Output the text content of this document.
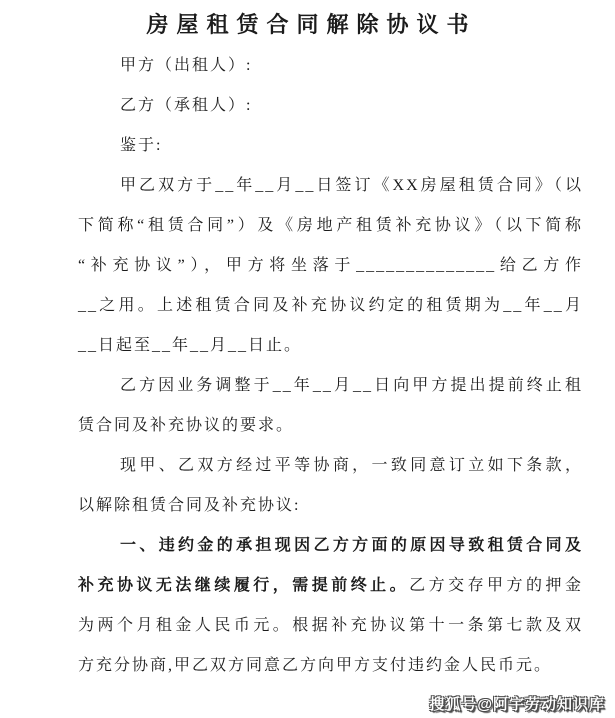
房屋租赁合同解除协议书
甲方（出租人）:
乙方（承租人）:
鉴于:
甲乙双方于__年__月__日签订《XX房屋租赁合同》（以
下简称“租赁合同”）及《房地产租赁补充协议》（以下简称
“补充协议”），甲方将坐落于______________给乙方作
__之用。上述租赁合同及补充协议约定的租赁期为__年__月
__日起至__年__月__日止。
乙方因业务调整于__年__月__日向甲方提出提前终止租
赁合同及补充协议的要求。
现甲、乙双方经过平等协商，一致同意订立如下条款，
以解除租赁合同及补充协议:
一、违约金的承担现因乙方方面的原因导致租赁合同及
补充协议无法继续履行，需提前终止。乙方交存甲方的押金
为两个月租金人民币元。根据补充协议第十一条第七款及双
方充分协商,甲乙双方同意乙方向甲方支付违约金人民币元。
搜狐号@阿宇劳动知识库
